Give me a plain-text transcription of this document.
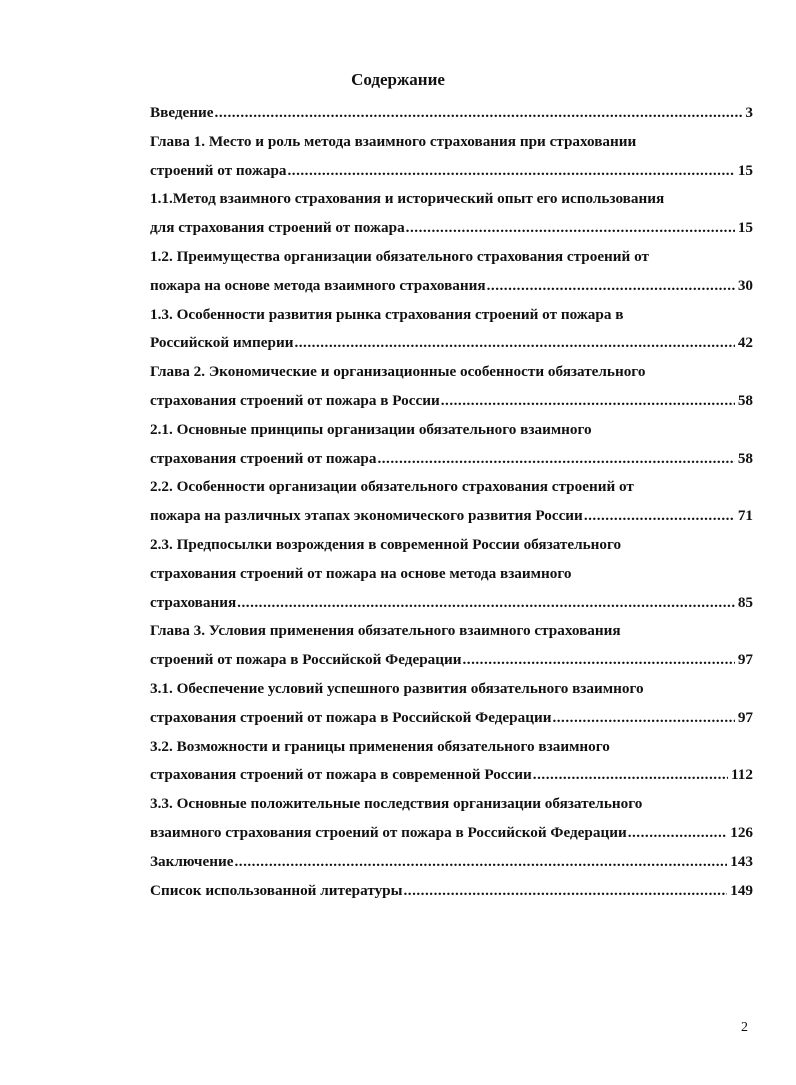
Содержание
Введение .....	3
Глава 1. Место и роль метода взаимного страхования при страховании
строений от пожара .....	15
1.1.Метод взаимного страхования и исторический опыт его использования
для страхования строений от пожара .....	15
1.2. Преимущества организации обязательного страхования строений от
пожара на основе метода взаимного страхования .....	30
1.3. Особенности развития рынка страхования строений от пожара в
Российской империи .....	42
Глава 2. Экономические и организационные особенности обязательного
страхования строений от пожара в России .....	58
2.1. Основные принципы организации обязательного взаимного
страхования строений от пожара .....	58
2.2. Особенности организации обязательного страхования строений от
пожара на различных этапах экономического развития России .....	71
2.3. Предпосылки возрождения в современной России обязательного
страхования строений от пожара на основе метода взаимного
страхования .....	85
Глава 3. Условия применения обязательного взаимного страхования
строений от пожара в Российской Федерации .....	97
3.1. Обеспечение условий успешного развития обязательного взаимного
страхования строений от пожара в Российской Федерации .....	97
3.2. Возможности и границы применения обязательного взаимного
страхования строений от пожара в современной России .....	112
3.3. Основные положительные последствия организации обязательного
взаимного страхования строений от пожара в Российской Федерации .....	126
Заключение .....	143
Список использованной литературы .....	149
2
